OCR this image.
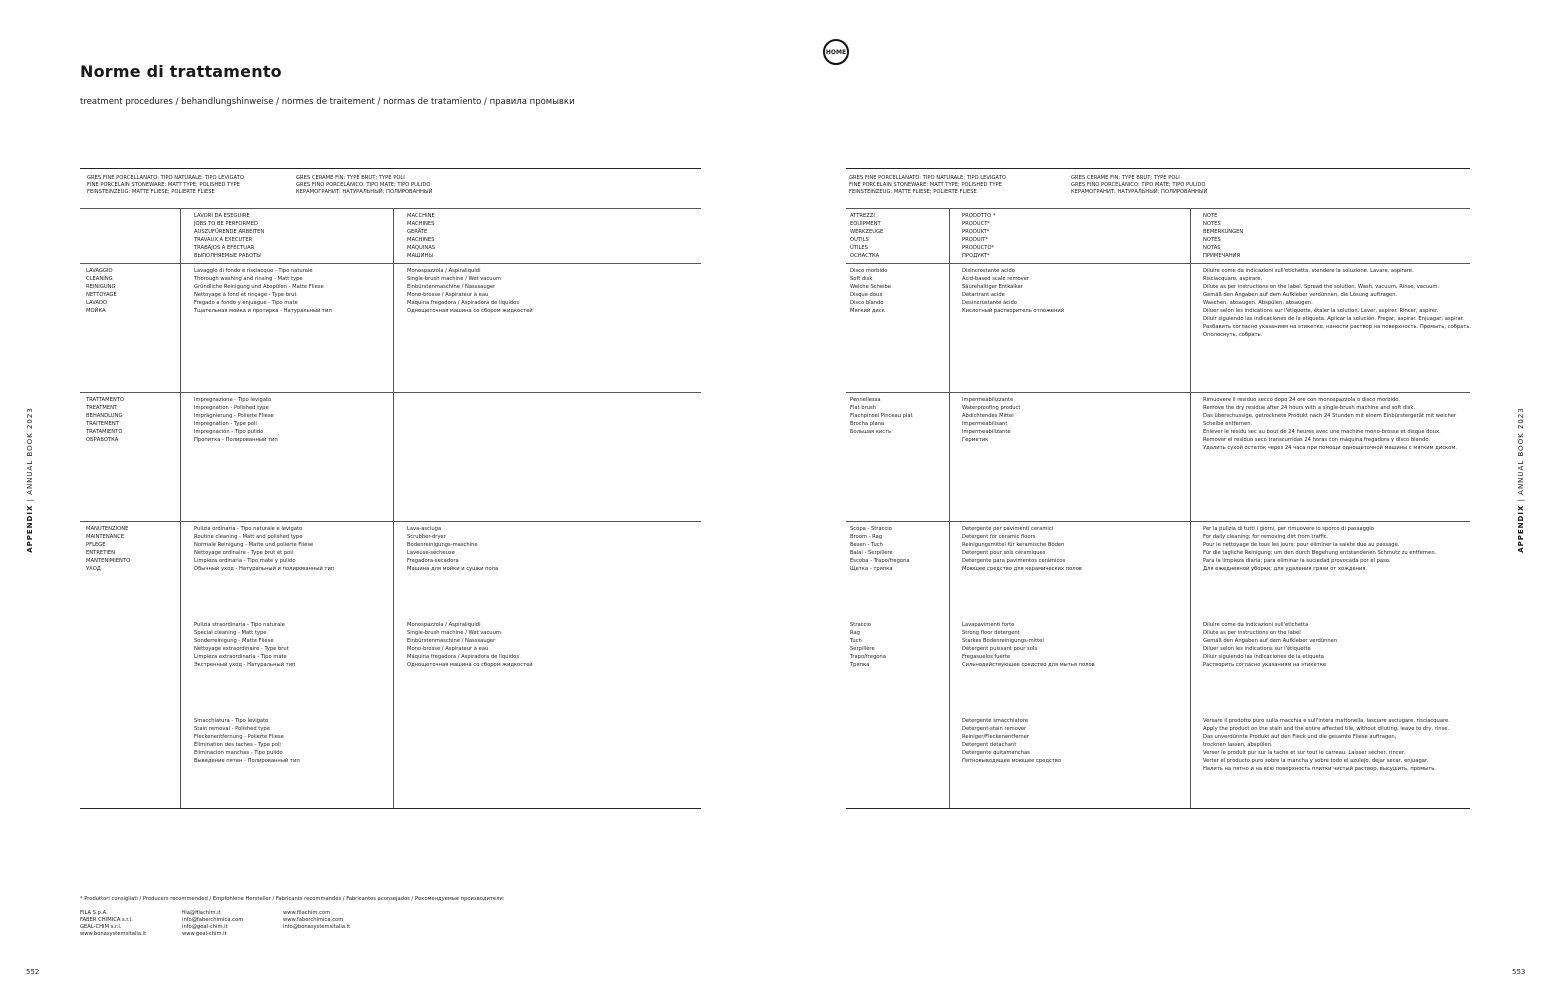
Norme di trattamento
treatment procedures / behandlungshinweise / normes de traitement / normas de tratamiento / правила промывки
HOME
APPENDIX | ANNUAL BOOK 2023
APPENDIX | ANNUAL BOOK 2023
552	553
GRES FINE PORCELLANATO: TIPO NATURALE; TIPO LEVIGATO
FINE PORCELAIN STONEWARE: MATT TYPE; POLISHED TYPE
FEINSTEINZEUG: MATTE FLIESE; POLIERTE FLIESE
GRES CERAME FIN: TYPE BRUT; TYPE POLI
GRES FINO PORCELÁNICO: TIPO MATE; TIPO PULIDO
КЕРАМОГРАНИТ: НАТУРАЛЬНЫЙ; ПОЛИРОВАННЫЙ
LAVORI DA ESEGUIRE
JOBS TO BE PERFORMED
AUSZUFÜRENDE ARBEITEN
TRAVAUX A EXECUTER
TRABAJOS A EFECTUAR
ВЫПОЛНЯЕМЫЕ РАБОТЫ
MACCHINE
MACHINES
GERÄTE
MACHINES
MÁQUINAS
МАШИНЫ
LAVAGGIO
CLEANING
REINIGUNG
NETTOYAGE
LAVADO
МОЙКА
Lavaggio di fondo e risciacquo - Tipo naturale
Thorough washing and rinsing - Matt type
Gründliche Reinigung und Abspülen - Matte Fliese
Nettoyage à fond et rinçage - Type brut
Fregado a fondo y enjuague - Tipo mate
Тщательная мойка и протирка - Натуральный тип
Monospazzola / Aspiraliquidi
Single-brush machine / Wet vacuum
Einbürstenmaschine / Nasssauger
Mono-brosse / Aspirateur à eau
Máquina fregadora / Aspiradora de líquidos
Однощеточная машина со сбором жидкостей
TRATTAMENTO
TREATMENT
BEHANDLUNG
TRAITEMENT
TRATAMIENTO
ОБРАБОТКА
Impregnazione - Tipo levigato
Impregnation - Polished type
Imprägnierung - Polierte Fliese
Imprégnation - Type poli
Impregnación - Tipo pulido
Пропитка - Полированный тип
MANUTENZIONE
MAINTENANCE
PFLEGE
ENTRETIEN
MANTENIMIENTO
УХОД
Pulizia ordinaria - Tipo naturale e levigato
Routine cleaning - Matt and polished type
Normale Reinigung - Matte und polierte Fliese
Nettoyage ordinaire - Type brut et poli
Limpieza ordinaria - Tipo mate y pulido
Обычный уход - Натуральный и полированный тип
Lava-asciuga
Scrubber-dryer
Bodenreinigungs-maschine
Laveuse-sécheuse
Fregadora-secadora
Машина для мойки и сушки пола
Pulizia straordinaria - Tipo naturale
Special cleaning - Matt type
Sonderreinigung - Matte Fliese
Nettoyage extraordinaire - Type brut
Limpieza extraordinaria - Tipo mate
Экстренный уход - Натуральный тип
Monospazzola / Aspiraliquidi
Single-brush machine / Wet vacuum
Einbürstenmaschine / Nasssauger
Mono-brosse / Aspirateur à eau
Máquina fregadora / Aspiradora de líquidos
Однощеточная машина со сбором жидкостей
Smacchiatura - Tipo levigato
Stain removal - Polished type
Fleckenentfernung - Polierte Fliese
Élimination des taches - Type poli
Eliminación manchas - Tipo pulido
Выведение пятен - Полированный тип
GRES FINE PORCELLANATO: TIPO NATURALE; TIPO LEVIGATO
FINE PORCELAIN STONEWARE: MATT TYPE; POLISHED TYPE
FEINSTEINZEUG: MATTE FLIESE; POLIERTE FLIESE
GRES CERAME FIN: TYPE BRUT; TYPE POLI
GRES FINO PORCELÁNICO: TIPO MATE; TIPO PULIDO
КЕРАМОГРАНИТ: НАТУРАЛЬНЫЙ; ПОЛИРОВАННЫЙ
ATTREZZI
EQUIPMENT
WERKZEUGE
OUTILS
ÚTILES
ОСНАСТКА
PRODOTTO *
PRODUCT*
PRODUKT*
PRODUIT*
PRODUCTO*
ПРОДУКТ*
NOTE
NOTES
BEMERKUNGEN
NOTES
NOTAS
ПРИМЕЧАНИЯ
Disco morbido
Soft disk
Weiche Scheibe
Disque doux
Disco blando
Мягкий диск
Disincrostante acido
Acid-based scale remover
Säurehaltiger Entkalker
Détartrant acide
Desincrustante ácido
Кислотный растворитель отложений
Diluire come da indicazioni sull'etichetta, stendere la soluzione. Lavare, aspirare.
Risciacquare, aspirare.
Dilute as per instructions on the label. Spread the solution. Wash, vacuum. Rinse, vacuum.
Gemäß den Angaben auf dem Aufkleber verdünnen, die Lösung auftragen.
Waschen, absaugen. Abspülen, absaugen.
Diluer selon les indications sur l'étiquette, étaler la solution. Laver, aspirer. Rincer, aspirer.
Diluir siguiendo las indicaciones de la etiqueta. Aplicar la solución. Fregar, aspirar. Enjuagar, aspirar.
Разбавить согласно указаниям на этикетке, нанести раствор на поверхность. Промыть, собрать.
Ополоснуть, собрать.
Pennellessa
Flat brush
Flachpinsel Pinceau plat
Brocha plana
Большая кисть
Impermeabilizzante
Waterproofing product
Abdichtendes Mittel
Imperméabilisant
Impermeabilizante
Герметик
Rimuovere il residuo secco dopo 24 ore con monospazzola o disco morbido.
Remove the dry residue after 24 hours with a single-brush machine and soft disk.
Das überschussige, getrocknete Produkt nach 24 Stunden mit einem Einbürstergerät mit weicher
Scheibe entfernen.
Enlever le résidu sec au bout de 24 heures avec une machine mono-brosse et disque doux.
Remover el residuo seco transcurridas 24 horas con máquina fregadora y disco blando.
Удалить сухой остаток через 24 часа при помощи однощеточной машины с мягким диском.
Scopa - Straccio
Broom - Rag
Besen - Tuch
Balai - Serpillère
Escoba - Trapo/fregona
Щетка - тряпка
Detergente per pavimenti ceramici
Detergent for ceramic floors
Reinigungsmittel für keramische Böden
Détergent pour sols céramiques
Detergente para pavimentos cerámicos
Моющее средство для керамических полов
Per la pulizia di tutti i giorni, per rimuovere lo sporco di passaggio
For daily cleaning; for removing dirt from traffic.
Pour le nettoyage de tous les jours; pour éliminer la saleté due au passage.
Für die tagliche Reinigung; um den durch Begehung entstandenen Schmutz zu entfernen.
Para la limpieza diaria; para eliminar la suciedad provocada por el paso.
Для ежедневной уборки; для удаления грязи от хождения.
Straccio
Rag
Tuch
Serpillère
Trapo/fregona
Тряпка
Lavapavimenti forte
Strong floor detergent
Starkes Bodenreinigungs-mittel
Détergent puissant pour sols
Fregasuelos fuerte
Сильнодействующее средство для мытья полов
Diluire come da indicazioni sull'etichetta
Dilute as per instructions on the label
Gemäß den Angaben auf dem Aufkleber verdünnen
Diluer selon les indications sur l'étiquette
Diluir siguiendo las indicaciones de la etiqueta
Растворить согласно указаниям на этикетке
Detergente smacchiatore
Detergent-stain remover
Reiniger/Fleckenentferner
Détergent détachant
Detergente quitamanchas
Пятновыводящее моющее средство
Versare il prodotto puro sulla macchia e sull'intera mattonella, lasciare asciugare, risciacquare.
Apply the product on the stain and the entire affected tile, without diluting, leave to dry, rinse.
Das unverdünnte Produkt auf den Fleck und die gesamte Fliese auftragen,
trocknen lassen, abspülen.
Verser le produit pur sur la tache et sur tout le carreau. Laisser sécher, rincer.
Verter el producto puro sobre la mancha y sobre todo el azulejo, dejar secar, enjuagar.
Налить на пятно и на всю поверхность плитки чистый раствор, высушить, промыть.
* Produttori consigliati / Producers recommended / Empfohlene Hersteller / Fabricants recommandés / Fabricantes aconsejados / Рекомендуемые производители:
FILA S.p.A.
FABER CHIMICA s.r.l.
GEAL-CHIM s.r.l.
www.bonasystemsitalia.it
fila@filachim.it
info@faberchimica.com
info@geal-chim.it
www.geal-chim.it
www.filachim.com
www.faberchimica.com
info@bonasystemsitalia.it
